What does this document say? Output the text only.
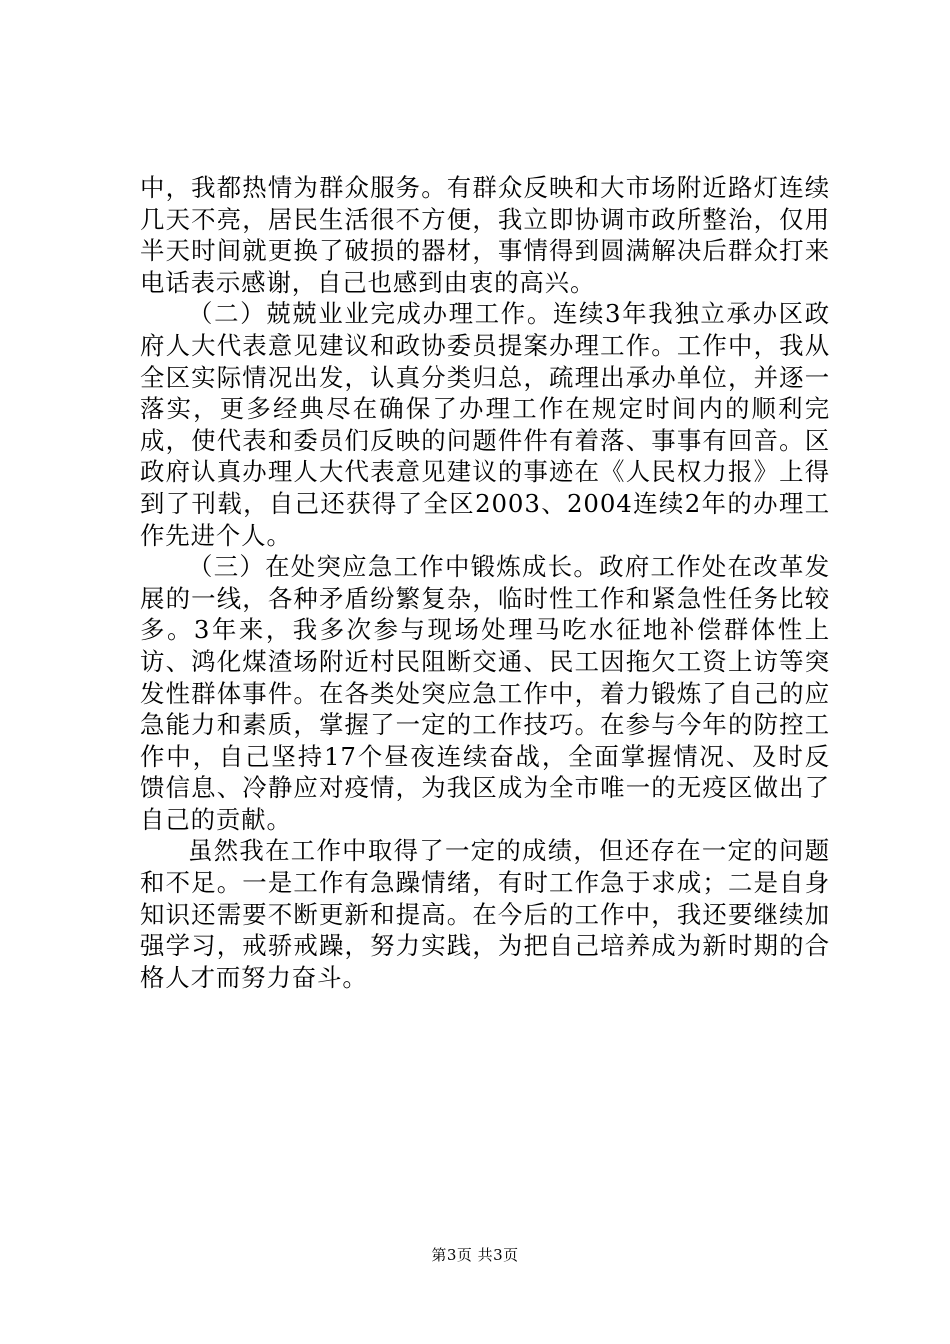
中，我都热情为群众服务。有群众反映和大市场附近路灯连续几天不亮，居民生活很不方便，我立即协调市政所整治，仅用半天时间就更换了破损的器材，事情得到圆满解决后群众打来电话表示感谢，自己也感到由衷的高兴。

（二）兢兢业业完成办理工作。连续3年我独立承办区政府人大代表意见建议和政协委员提案办理工作。工作中，我从全区实际情况出发，认真分类归总，疏理出承办单位，并逐一落实，更多经典尽在确保了办理工作在规定时间内的顺利完成，使代表和委员们反映的问题件件有着落、事事有回音。区政府认真办理人大代表意见建议的事迹在《人民权力报》上得到了刊载，自己还获得了全区2003、2004连续2年的办理工作先进个人。

（三）在处突应急工作中锻炼成长。政府工作处在改革发展的一线，各种矛盾纷繁复杂，临时性工作和紧急性任务比较多。3年来，我多次参与现场处理马吃水征地补偿群体性上访、鸿化煤渣场附近村民阻断交通、民工因拖欠工资上访等突发性群体事件。在各类处突应急工作中，着力锻炼了自己的应急能力和素质，掌握了一定的工作技巧。在参与今年的防控工作中，自己坚持17个昼夜连续奋战，全面掌握情况、及时反馈信息、冷静应对疫情，为我区成为全市唯一的无疫区做出了自己的贡献。

虽然我在工作中取得了一定的成绩，但还存在一定的问题和不足。一是工作有急躁情绪，有时工作急于求成；二是自身知识还需要不断更新和提高。在今后的工作中，我还要继续加强学习，戒骄戒躁，努力实践，为把自己培养成为新时期的合格人才而努力奋斗。

第3页 共3页
